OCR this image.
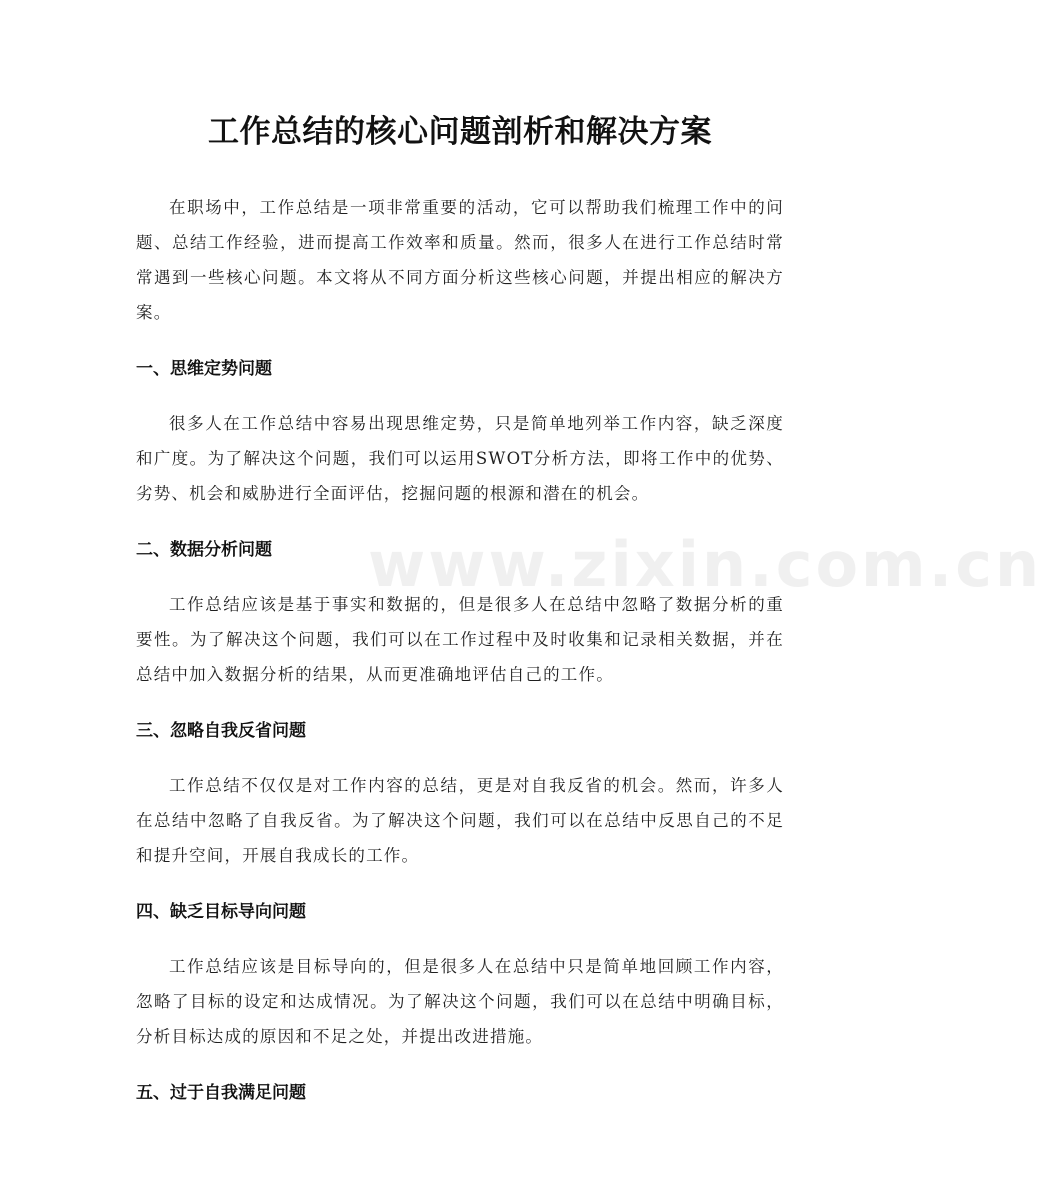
工作总结的核心问题剖析和解决方案

在职场中，工作总结是一项非常重要的活动，它可以帮助我们梳理工作中的问题、总结工作经验，进而提高工作效率和质量。然而，很多人在进行工作总结时常常遇到一些核心问题。本文将从不同方面分析这些核心问题，并提出相应的解决方案。

一、思维定势问题

很多人在工作总结中容易出现思维定势，只是简单地列举工作内容，缺乏深度和广度。为了解决这个问题，我们可以运用SWOT分析方法，即将工作中的优势、劣势、机会和威胁进行全面评估，挖掘问题的根源和潜在的机会。

二、数据分析问题

工作总结应该是基于事实和数据的，但是很多人在总结中忽略了数据分析的重要性。为了解决这个问题，我们可以在工作过程中及时收集和记录相关数据，并在总结中加入数据分析的结果，从而更准确地评估自己的工作。

三、忽略自我反省问题

工作总结不仅仅是对工作内容的总结，更是对自我反省的机会。然而，许多人在总结中忽略了自我反省。为了解决这个问题，我们可以在总结中反思自己的不足和提升空间，开展自我成长的工作。

四、缺乏目标导向问题

工作总结应该是目标导向的，但是很多人在总结中只是简单地回顾工作内容，忽略了目标的设定和达成情况。为了解决这个问题，我们可以在总结中明确目标，分析目标达成的原因和不足之处，并提出改进措施。

五、过于自我满足问题
www.zixin.com.cn
